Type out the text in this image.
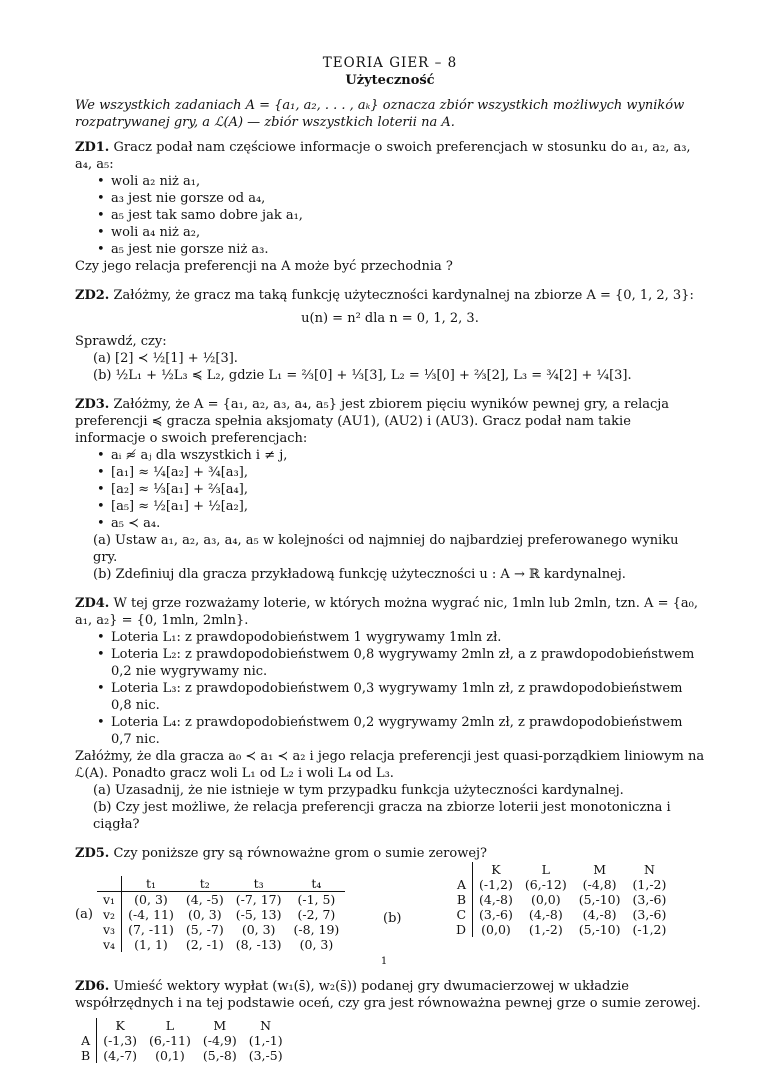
TEORIA GIER – 8
Użyteczność
We wszystkich zadaniach A = {a₁, a₂, . . . , aₖ} oznacza zbiór wszystkich możliwych wyników rozpatrywanej gry, a ℒ(A) — zbiór wszystkich loterii na A.
ZD1. Gracz podał nam częściowe informacje o swoich preferencjach w stosunku do a₁, a₂, a₃, a₄, a₅:
• woli a₂ niż a₁,
• a₃ jest nie gorsze od a₄,
• a₅ jest tak samo dobre jak a₁,
• woli a₄ niż a₂,
• a₅ jest nie gorsze niż a₃.
Czy jego relacja preferencji na A może być przechodnia ?
ZD2. Załóżmy, że gracz ma taką funkcję użyteczności kardynalnej na zbiorze A = {0, 1, 2, 3}:
u(n) = n² dla n = 0, 1, 2, 3.
Sprawdź, czy:
(a) [2] ≺ ½[1] + ½[3].
(b) ½L₁ + ½L₃ ≼ L₂, gdzie L₁ = ⅔[0] + ⅓[3], L₂ = ⅓[0] + ⅔[2], L₃ = ¾[2] + ¼[3].
ZD3. Załóżmy, że A = {a₁, a₂, a₃, a₄, a₅} jest zbiorem pięciu wyników pewnej gry, a relacja preferencji ≼ gracza spełnia aksjomaty (AU1), (AU2) i (AU3). Gracz podał nam takie informacje o swoich preferencjach:
• aᵢ ≉ aⱼ dla wszystkich i ≠ j,
• [a₁] ≈ ¼[a₂] + ¾[a₃],
• [a₂] ≈ ⅓[a₁] + ⅔[a₄],
• [a₅] ≈ ½[a₁] + ½[a₂],
• a₅ ≺ a₄.
(a) Ustaw a₁, a₂, a₃, a₄, a₅ w kolejności od najmniej do najbardziej preferowanego wyniku gry.
(b) Zdefiniuj dla gracza przykładową funkcję użyteczności u : A → ℝ kardynalnej.
ZD4. W tej grze rozważamy loterie, w których można wygrać nic, 1mln lub 2mln, tzn. A = {a₀, a₁, a₂} = {0, 1mln, 2mln}.
• Loteria L₁: z prawdopodobieństwem 1 wygrywamy 1mln zł.
• Loteria L₂: z prawdopodobieństwem 0,8 wygrywamy 2mln zł, a z prawdopodobieństwem 0,2 nie wygrywamy nic.
• Loteria L₃: z prawdopodobieństwem 0,3 wygrywamy 1mln zł, z prawdopodobieństwem 0,8 nic.
• Loteria L₄: z prawdopodobieństwem 0,2 wygrywamy 2mln zł, z prawdopodobieństwem 0,7 nic.
Załóżmy, że dla gracza a₀ ≺ a₁ ≺ a₂ i jego relacja preferencji jest quasi-porządkiem liniowym na ℒ(A). Ponadto gracz woli L₁ od L₂ i woli L₄ od L₃.
(a) Uzasadnij, że nie istnieje w tym przypadku funkcja użyteczności kardynalnej.
(b) Czy jest możliwe, że relacja preferencji gracza na zbiorze loterii jest monotoniczna i ciągła?
ZD5. Czy poniższe gry są równoważne grom o sumie zerowej?
(a)
	t₁	t₂	t₃	t₄
v₁	(0, 3)	(4, -5)	(-7, 17)	(-1, 5)
v₂	(-4, 11)	(0, 3)	(-5, 13)	(-2, 7)
v₃	(7, -11)	(5, -7)	(0, 3)	(-8, 19)
v₄	(1, 1)	(2, -1)	(8, -13)	(0, 3)
(b)
	K	L	M	N
A	(-1,2)	(6,-12)	(-4,8)	(1,-2)
B	(4,-8)	(0,0)	(5,-10)	(3,-6)
C	(3,-6)	(4,-8)	(4,-8)	(3,-6)
D	(0,0)	(1,-2)	(5,-10)	(-1,2)
ZD6. Umieść wektory wypłat (w₁(s̄), w₂(s̄)) podanej gry dwumacierzowej w układzie współrzędnych i na tej podstawie oceń, czy gra jest równoważna pewnej grze o sumie zerowej.
	K	L	M	N
A	(-1,3)	(6,-11)	(-4,9)	(1,-1)
B	(4,-7)	(0,1)	(5,-8)	(3,-5)
1
